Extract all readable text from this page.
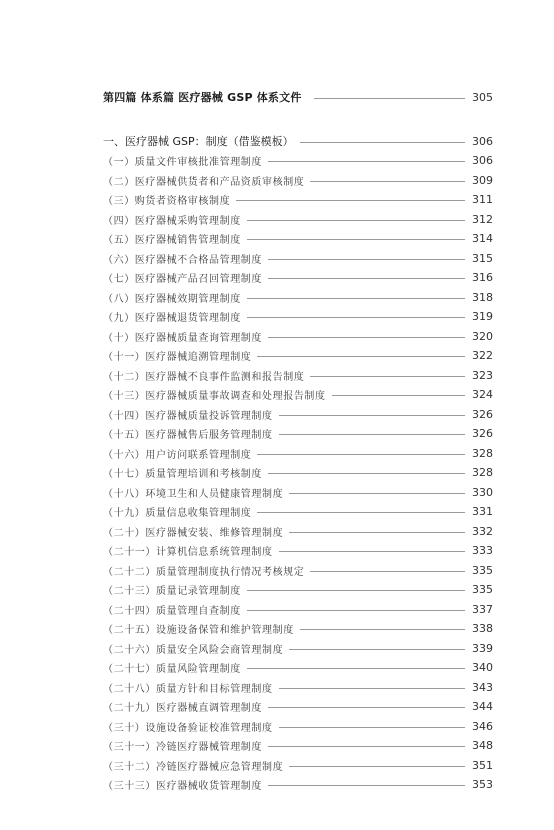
第四篇 体系篇 医疗器械 GSP 体系文件	305
一、医疗器械 GSP：制度（借鉴模板）	306
（一）质量文件审核批准管理制度	306
（二）医疗器械供货者和产品资质审核制度	309
（三）购货者资格审核制度	311
（四）医疗器械采购管理制度	312
（五）医疗器械销售管理制度	314
（六）医疗器械不合格品管理制度	315
（七）医疗器械产品召回管理制度	316
（八）医疗器械效期管理制度	318
（九）医疗器械退货管理制度	319
（十）医疗器械质量查询管理制度	320
（十一）医疗器械追溯管理制度	322
（十二）医疗器械不良事件监测和报告制度	323
（十三）医疗器械质量事故调查和处理报告制度	324
（十四）医疗器械质量投诉管理制度	326
（十五）医疗器械售后服务管理制度	326
（十六）用户访问联系管理制度	328
（十七）质量管理培训和考核制度	328
（十八）环境卫生和人员健康管理制度	330
（十九）质量信息收集管理制度	331
（二十）医疗器械安装、维修管理制度	332
（二十一）计算机信息系统管理制度	333
（二十二）质量管理制度执行情况考核规定	335
（二十三）质量记录管理制度	335
（二十四）质量管理自查制度	337
（二十五）设施设备保管和维护管理制度	338
（二十六）质量安全风险会商管理制度	339
（二十七）质量风险管理制度	340
（二十八）质量方针和目标管理制度	343
（二十九）医疗器械直调管理制度	344
（三十）设施设备验证校准管理制度	346
（三十一）冷链医疗器械管理制度	348
（三十二）冷链医疗器械应急管理制度	351
（三十三）医疗器械收货管理制度	353
